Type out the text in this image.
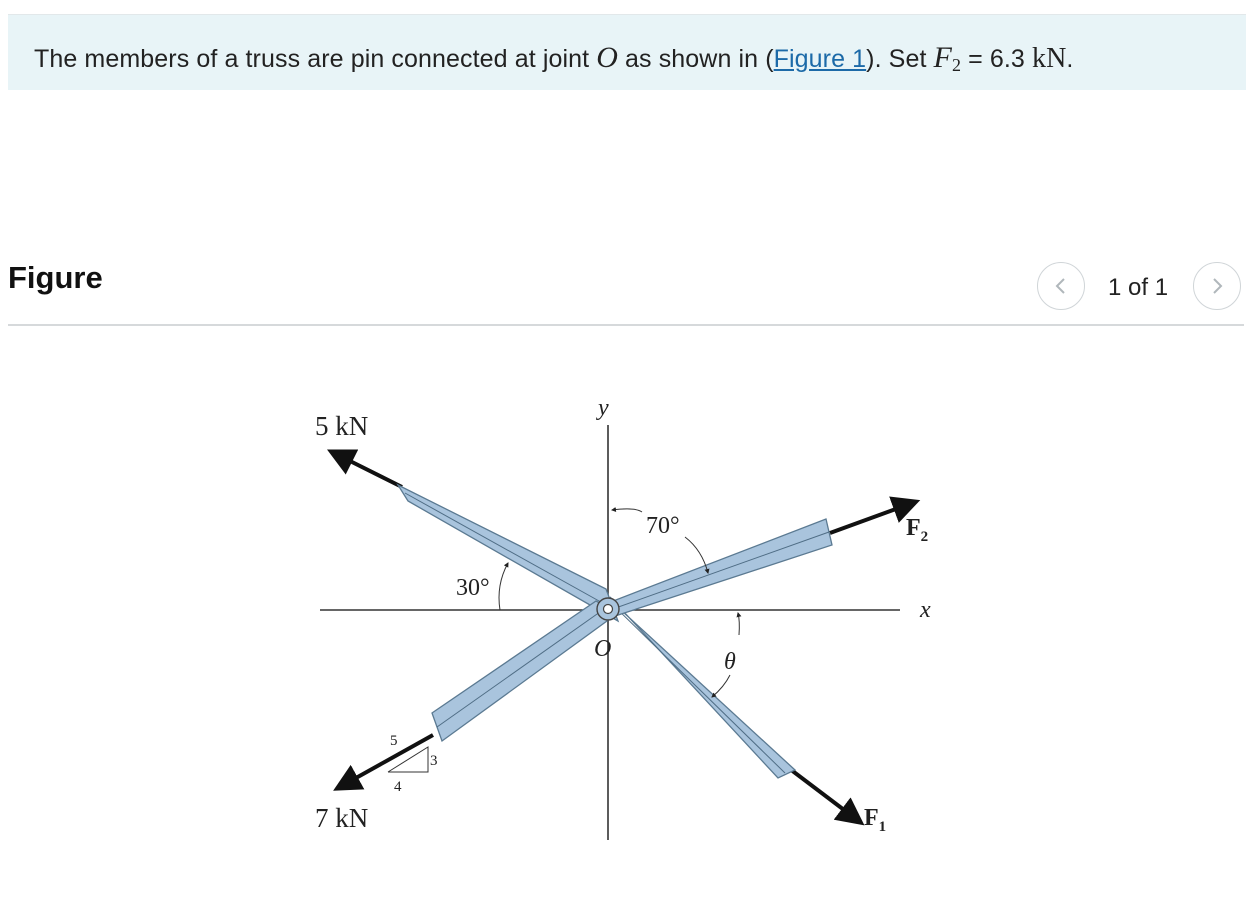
The members of a truss are pin connected at joint O as shown in (Figure 1). Set $F_2 = 6.3$ kN.
Figure	1 of 1
5 kN
7 kN
y
x
O
70°
30°
θ
$F_2$
$F_1$
5
4
3
